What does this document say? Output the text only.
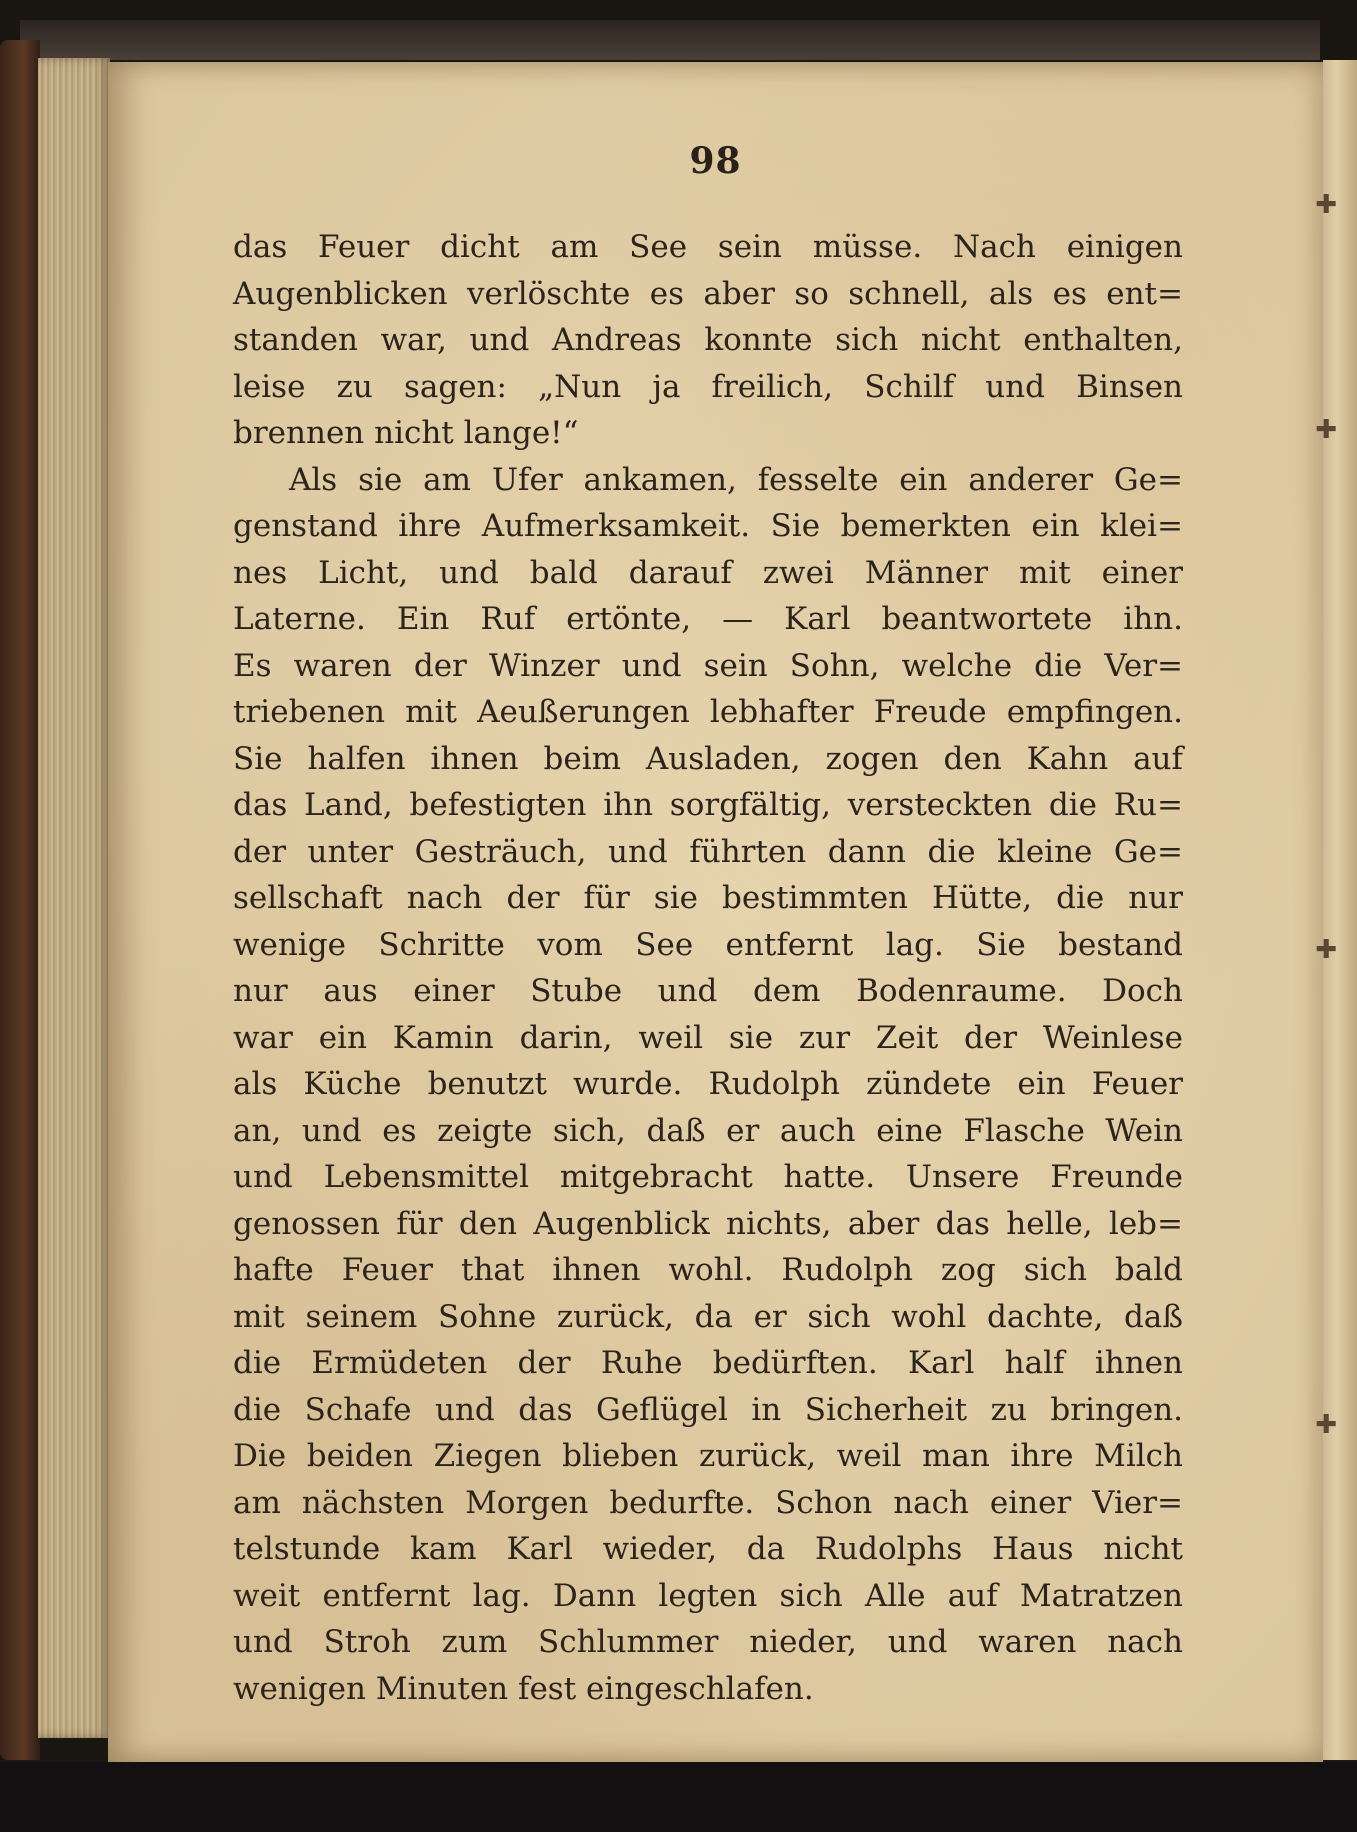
98
das Feuer dicht am See sein müsse. Nach einigen
Augenblicken verlöschte es aber so schnell, als es ent=
standen war, und Andreas konnte sich nicht enthalten,
leise zu sagen: „Nun ja freilich, Schilf und Binsen
brennen nicht lange!“
Als sie am Ufer ankamen, fesselte ein anderer Ge=
genstand ihre Aufmerksamkeit. Sie bemerkten ein klei=
nes Licht, und bald darauf zwei Männer mit einer
Laterne. Ein Ruf ertönte, — Karl beantwortete ihn.
Es waren der Winzer und sein Sohn, welche die Ver=
triebenen mit Aeußerungen lebhafter Freude empfingen.
Sie halfen ihnen beim Ausladen, zogen den Kahn auf
das Land, befestigten ihn sorgfältig, versteckten die Ru=
der unter Gesträuch, und führten dann die kleine Ge=
sellschaft nach der für sie bestimmten Hütte, die nur
wenige Schritte vom See entfernt lag. Sie bestand
nur aus einer Stube und dem Bodenraume. Doch
war ein Kamin darin, weil sie zur Zeit der Weinlese
als Küche benutzt wurde. Rudolph zündete ein Feuer
an, und es zeigte sich, daß er auch eine Flasche Wein
und Lebensmittel mitgebracht hatte. Unsere Freunde
genossen für den Augenblick nichts, aber das helle, leb=
hafte Feuer that ihnen wohl. Rudolph zog sich bald
mit seinem Sohne zurück, da er sich wohl dachte, daß
die Ermüdeten der Ruhe bedürften. Karl half ihnen
die Schafe und das Geflügel in Sicherheit zu bringen.
Die beiden Ziegen blieben zurück, weil man ihre Milch
am nächsten Morgen bedurfte. Schon nach einer Vier=
telstunde kam Karl wieder, da Rudolphs Haus nicht
weit entfernt lag. Dann legten sich Alle auf Matratzen
und Stroh zum Schlummer nieder, und waren nach
wenigen Minuten fest eingeschlafen.
✚
✚
✚
✚
